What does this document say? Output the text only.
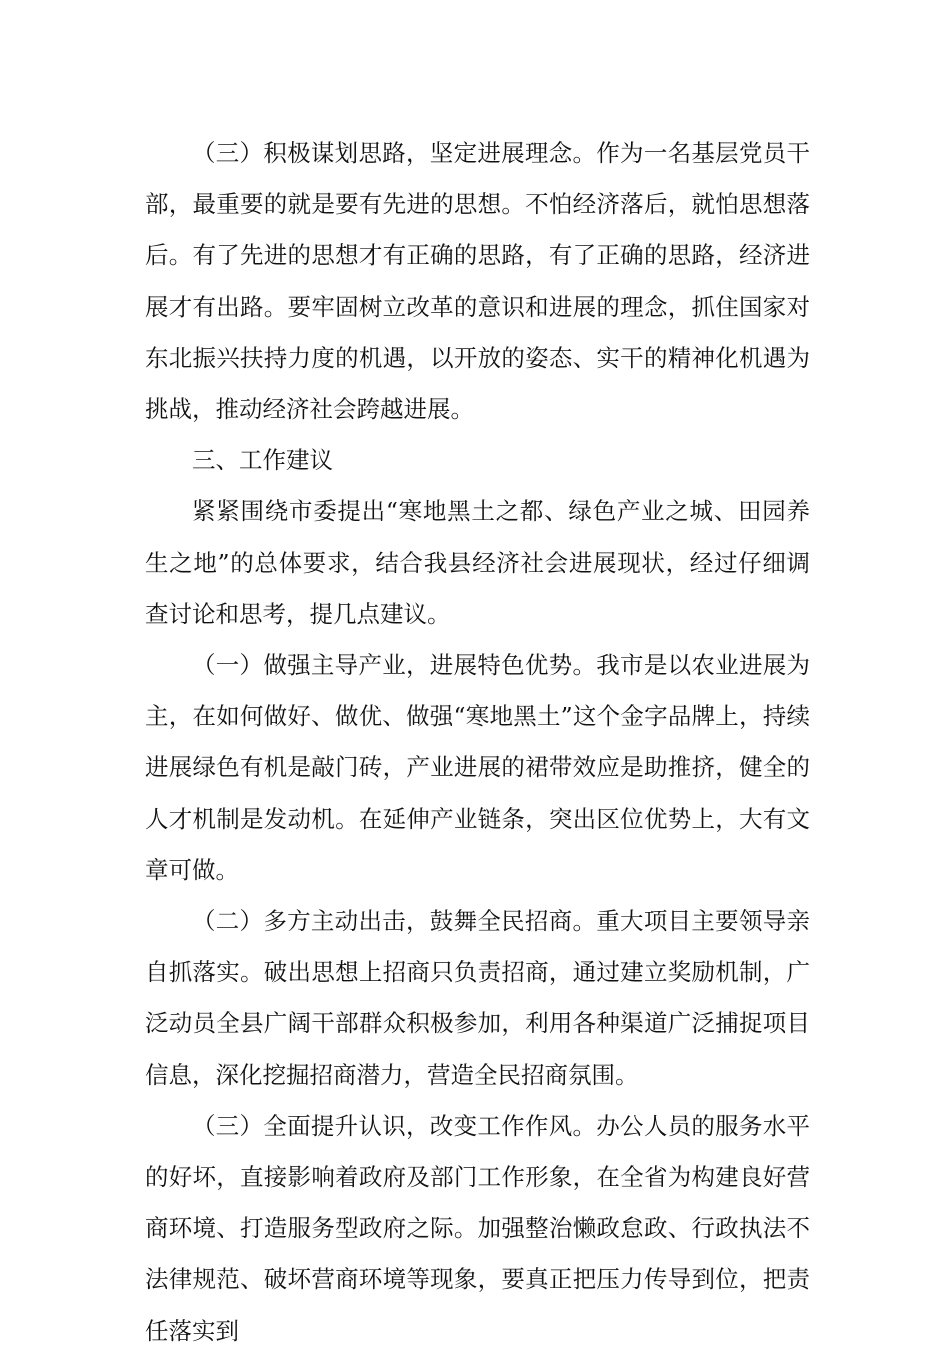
（三）积极谋划思路，坚定进展理念。作为一名基层党员干部，最重要的就是要有先进的思想。不怕经济落后，就怕思想落后。有了先进的思想才有正确的思路，有了正确的思路，经济进展才有出路。要牢固树立改革的意识和进展的理念，抓住国家对东北振兴扶持力度的机遇，以开放的姿态、实干的精神化机遇为挑战，推动经济社会跨越进展。

三、工作建议

紧紧围绕市委提出“寒地黑土之都、绿色产业之城、田园养生之地”的总体要求，结合我县经济社会进展现状，经过仔细调查讨论和思考，提几点建议。

（一）做强主导产业，进展特色优势。我市是以农业进展为主，在如何做好、做优、做强“寒地黑土”这个金字品牌上，持续进展绿色有机是敲门砖，产业进展的裙带效应是助推挤，健全的人才机制是发动机。在延伸产业链条，突出区位优势上，大有文章可做。

（二）多方主动出击，鼓舞全民招商。重大项目主要领导亲自抓落实。破出思想上招商只负责招商，通过建立奖励机制，广泛动员全县广阔干部群众积极参加，利用各种渠道广泛捕捉项目信息，深化挖掘招商潜力，营造全民招商氛围。

（三）全面提升认识，改变工作作风。办公人员的服务水平的好坏，直接影响着政府及部门工作形象，在全省为构建良好营商环境、打造服务型政府之际。加强整治懒政怠政、行政执法不法律规范、破坏营商环境等现象，要真正把压力传导到位，把责任落实到
